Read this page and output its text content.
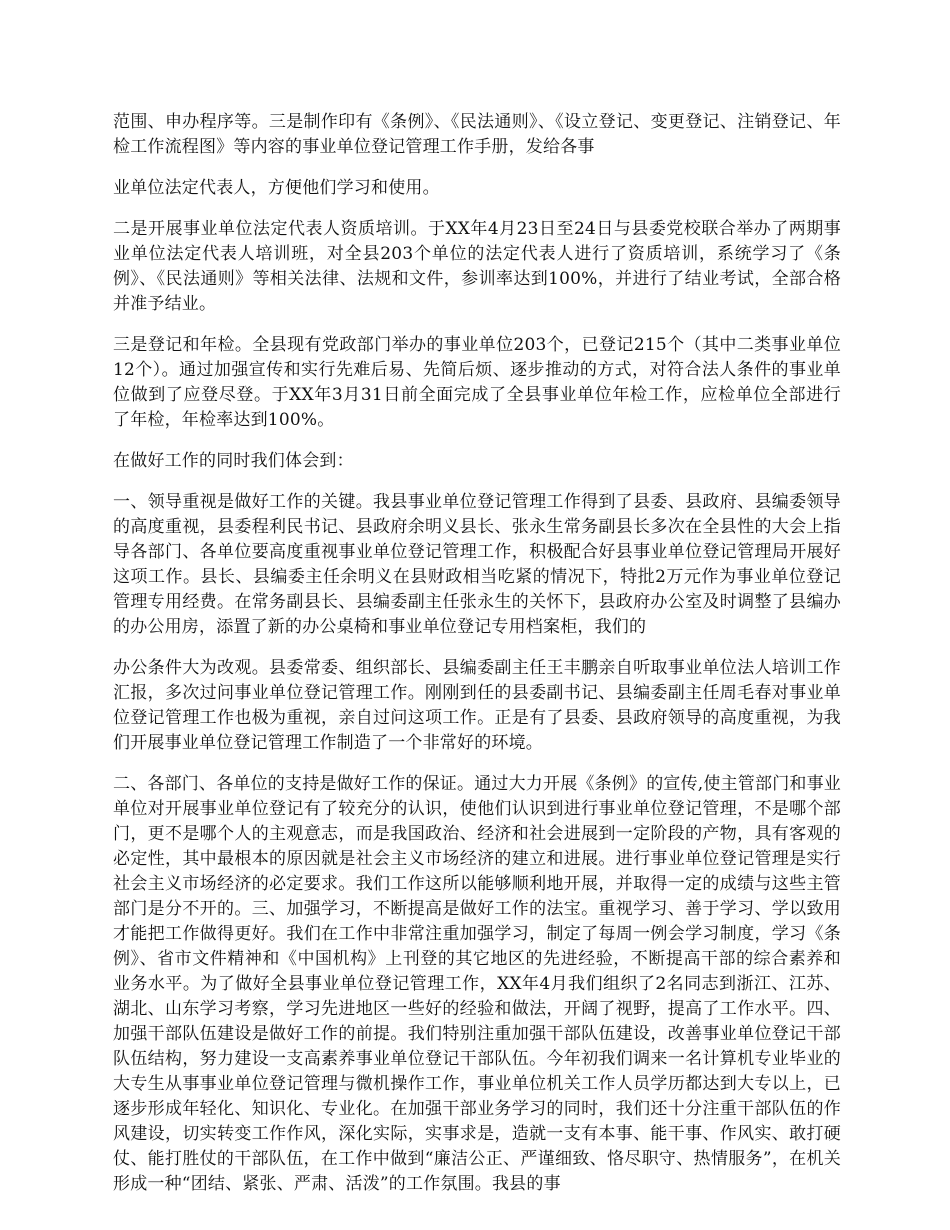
范围、申办程序等。三是制作印有《条例》、《民法通则》、《设立登记、变更登记、注销登记、年检工作流程图》等内容的事业单位登记管理工作手册，发给各事

业单位法定代表人，方便他们学习和使用。

二是开展事业单位法定代表人资质培训。于XX年4月23日至24日与县委党校联合举办了两期事业单位法定代表人培训班，对全县203个单位的法定代表人进行了资质培训，系统学习了《条例》、《民法通则》等相关法律、法规和文件，参训率达到100%，并进行了结业考试，全部合格并准予结业。

三是登记和年检。全县现有党政部门举办的事业单位203个，已登记215个（其中二类事业单位12个）。通过加强宣传和实行先难后易、先简后烦、逐步推动的方式，对符合法人条件的事业单位做到了应登尽登。于XX年3月31日前全面完成了全县事业单位年检工作，应检单位全部进行了年检，年检率达到100%。

在做好工作的同时我们体会到：

一、领导重视是做好工作的关键。我县事业单位登记管理工作得到了县委、县政府、县编委领导的高度重视，县委程利民书记、县政府余明义县长、张永生常务副县长多次在全县性的大会上指导各部门、各单位要高度重视事业单位登记管理工作，积极配合好县事业单位登记管理局开展好这项工作。县长、县编委主任余明义在县财政相当吃紧的情况下，特批2万元作为事业单位登记管理专用经费。在常务副县长、县编委副主任张永生的关怀下，县政府办公室及时调整了县编办的办公用房，添置了新的办公桌椅和事业单位登记专用档案柜，我们的

办公条件大为改观。县委常委、组织部长、县编委副主任王丰鹏亲自听取事业单位法人培训工作汇报，多次过问事业单位登记管理工作。刚刚到任的县委副书记、县编委副主任周毛春对事业单位登记管理工作也极为重视，亲自过问这项工作。正是有了县委、县政府领导的高度重视，为我们开展事业单位登记管理工作制造了一个非常好的环境。

二、各部门、各单位的支持是做好工作的保证。通过大力开展《条例》的宣传,使主管部门和事业单位对开展事业单位登记有了较充分的认识，使他们认识到进行事业单位登记管理，不是哪个部门，更不是哪个人的主观意志，而是我国政治、经济和社会进展到一定阶段的产物，具有客观的必定性，其中最根本的原因就是社会主义市场经济的建立和进展。进行事业单位登记管理是实行社会主义市场经济的必定要求。我们工作这所以能够顺利地开展，并取得一定的成绩与这些主管部门是分不开的。三、加强学习，不断提高是做好工作的法宝。重视学习、善于学习、学以致用才能把工作做得更好。我们在工作中非常注重加强学习，制定了每周一例会学习制度，学习《条例》、省市文件精神和《中国机构》上刊登的其它地区的先进经验，不断提高干部的综合素养和业务水平。为了做好全县事业单位登记管理工作，XX年4月我们组织了2名同志到浙江、江苏、湖北、山东学习考察，学习先进地区一些好的经验和做法，开阔了视野，提高了工作水平。四、加强干部队伍建设是做好工作的前提。我们特别注重加强干部队伍建设，改善事业单位登记干部队伍结构，努力建设一支高素养事业单位登记干部队伍。今年初我们调来一名计算机专业毕业的大专生从事事业单位登记管理与微机操作工作，事业单位机关工作人员学历都达到大专以上，已逐步形成年轻化、知识化、专业化。在加强干部业务学习的同时，我们还十分注重干部队伍的作风建设，切实转变工作作风，深化实际，实事求是，造就一支有本事、能干事、作风实、敢打硬仗、能打胜仗的干部队伍，在工作中做到“廉洁公正、严谨细致、恪尽职守、热情服务”，在机关形成一种“团结、紧张、严肃、活泼”的工作氛围。我县的事
